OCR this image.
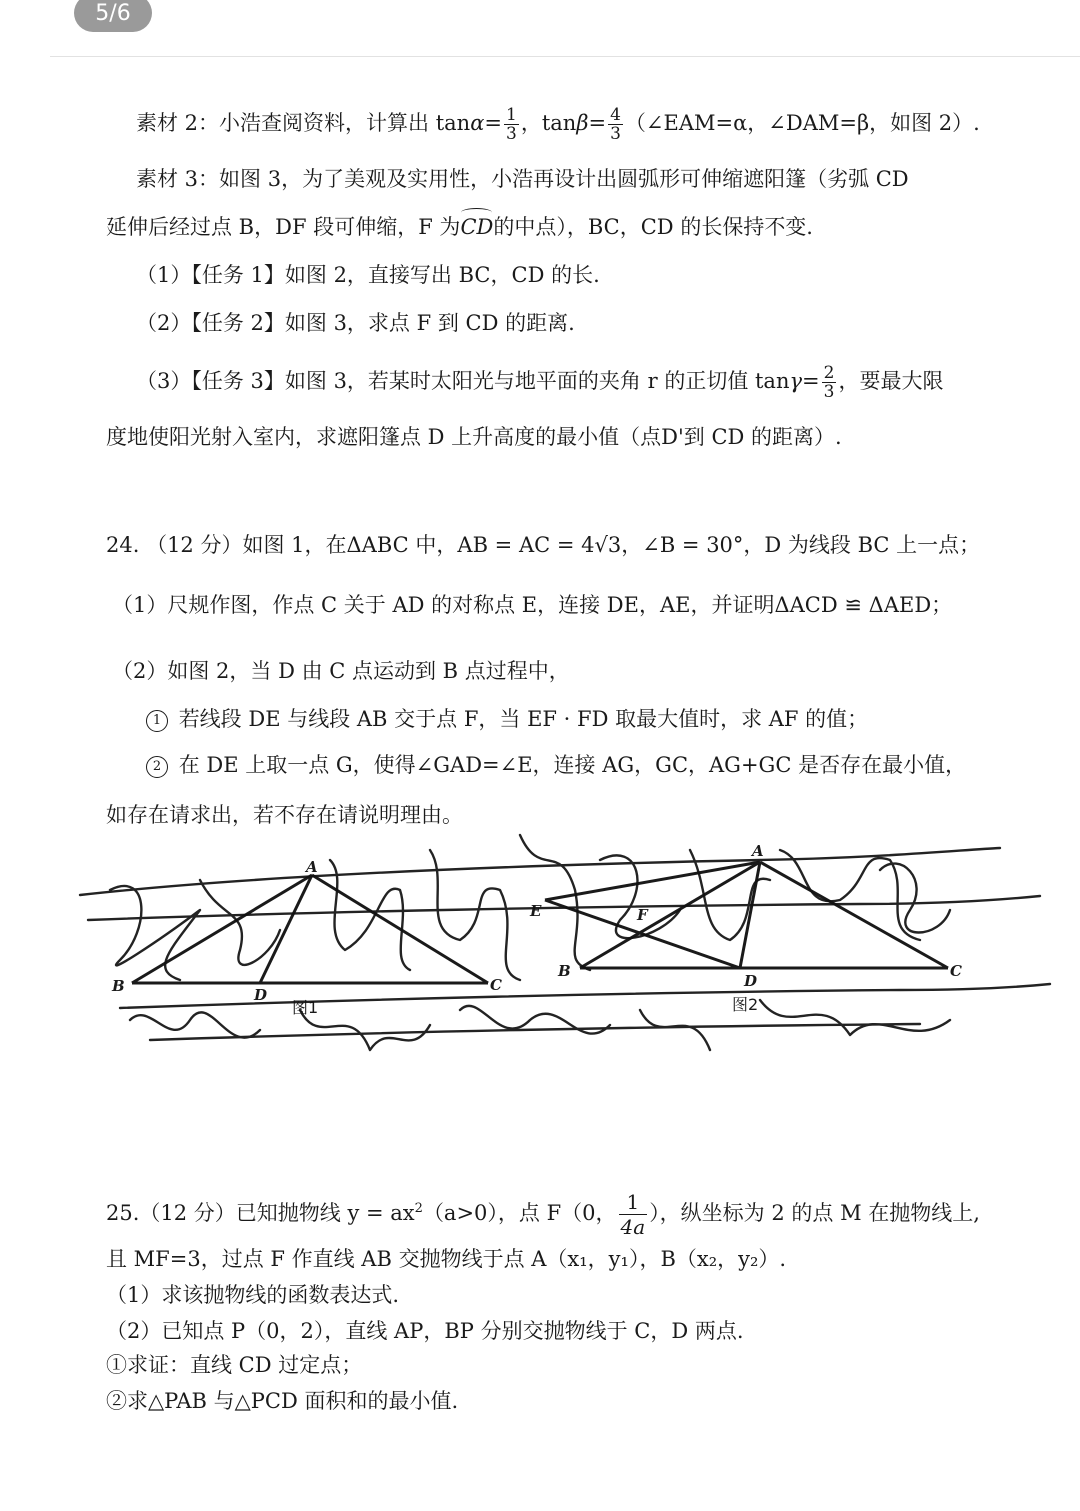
5/6
素材 2：小浩查阅资料，计算出 $\tan\alpha= \frac{1}{3}$ ，$\tan\beta= \frac{4}{3}$ （∠EAM=α，∠DAM=β，如图 2）.
素材 3：如图 3，为了美观及实用性，小浩再设计出圆弧形可伸缩遮阳篷（劣弧 CD
延伸后经过点 B，DF 段可伸缩，F 为CD的中点），BC，CD 的长保持不变.
（1）【任务 1】如图 2，直接写出 BC，CD 的长.
（2）【任务 2】如图 3，求点 F 到 CD 的距离.
（3）【任务 3】如图 3，若某时太阳光与地平面的夹角 r 的正切值 $\tan\gamma= \frac{2}{3}$ ，要最大限
度地使阳光射入室内，求遮阳篷点 D 上升高度的最小值（点D'到 CD 的距离）.
24. （12 分）如图 1，在ΔABC 中，AB = AC = 4√3，∠B = 30°，D 为线段 BC 上一点；
（1）尺规作图，作点 C 关于 AD 的对称点 E，连接 DE，AE，并证明ΔACD ≌ ΔAED；
（2）如图 2，当 D 由 C 点运动到 B 点过程中，
1 若线段 DE 与线段 AB 交于点 F，当 EF · FD 取最大值时，求 AF 的值；
2 在 DE 上取一点 G，使得∠GAD=∠E，连接 AG，GC，AG+GC 是否存在最小值，
如存在请求出，若不存在请说明理由。
A
B	C
D
图1
A
B	C
D
E	F
图2
25.（12 分）已知抛物线 $y = ax^2(a>0)$，点 F（0， $\frac{1}{4a}$ ），纵坐标为 2 的点 M 在抛物线上,
且 MF=3，过点 F 作直线 AB 交抛物线于点 A（x₁，y₁），B（x₂，y₂）.
（1）求该抛物线的函数表达式.
（2）已知点 P（0，2），直线 AP，BP 分别交抛物线于 C，D 两点.
①求证：直线 CD 过定点；
②求△PAB 与△PCD 面积和的最小值.
